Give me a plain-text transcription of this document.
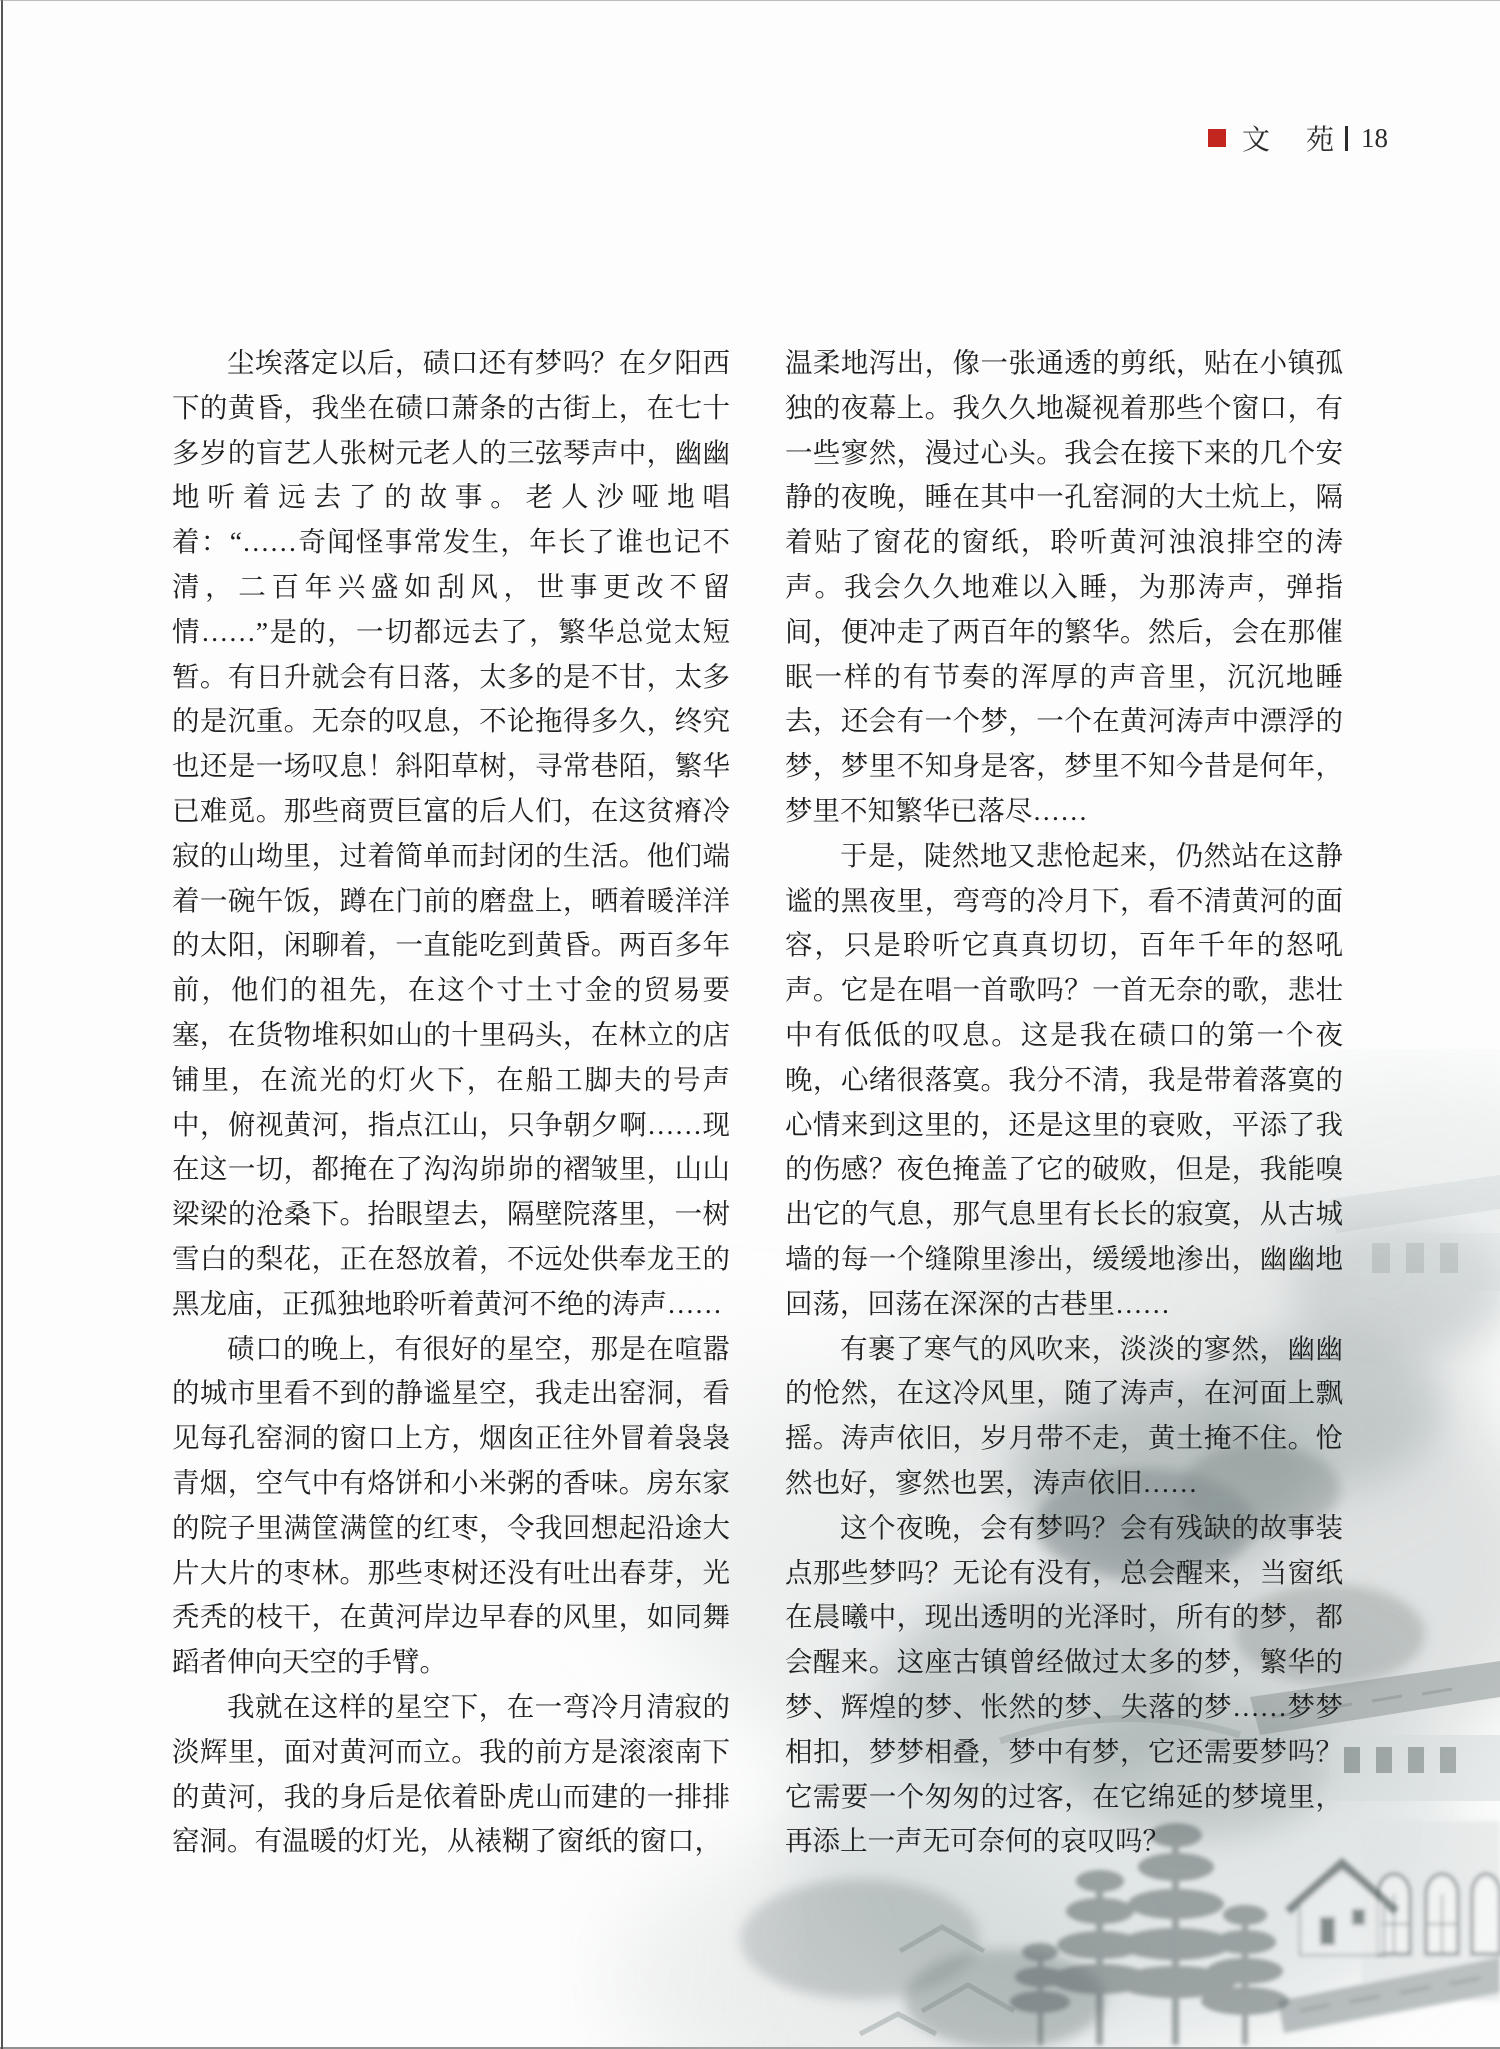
文　苑 18

尘埃落定以后，碛口还有梦吗？在夕阳西下的黄昏，我坐在碛口萧条的古街上，在七十多岁的盲艺人张树元老人的三弦琴声中，幽幽地听着远去了的故事。老人沙哑地唱着：“……奇闻怪事常发生，年长了谁也记不清，二百年兴盛如刮风，世事更改不留情……”是的，一切都远去了，繁华总觉太短暂。有日升就会有日落，太多的是不甘，太多的是沉重。无奈的叹息，不论拖得多久，终究也还是一场叹息！斜阳草树，寻常巷陌，繁华已难觅。那些商贾巨富的后人们，在这贫瘠冷寂的山坳里，过着简单而封闭的生活。他们端着一碗午饭，蹲在门前的磨盘上，晒着暖洋洋的太阳，闲聊着，一直能吃到黄昏。两百多年前，他们的祖先，在这个寸土寸金的贸易要塞，在货物堆积如山的十里码头，在林立的店铺里，在流光的灯火下，在船工脚夫的号声中，俯视黄河，指点江山，只争朝夕啊……现在这一切，都掩在了沟沟峁峁的褶皱里，山山梁梁的沧桑下。抬眼望去，隔壁院落里，一树雪白的梨花，正在怒放着，不远处供奉龙王的黑龙庙，正孤独地聆听着黄河不绝的涛声……

碛口的晚上，有很好的星空，那是在喧嚣的城市里看不到的静谧星空，我走出窑洞，看见每孔窑洞的窗口上方，烟囱正往外冒着袅袅青烟，空气中有烙饼和小米粥的香味。房东家的院子里满筐满筐的红枣，令我回想起沿途大片大片的枣林。那些枣树还没有吐出春芽，光秃秃的枝干，在黄河岸边早春的风里，如同舞蹈者伸向天空的手臂。

我就在这样的星空下，在一弯冷月清寂的淡辉里，面对黄河而立。我的前方是滚滚南下的黄河，我的身后是依着卧虎山而建的一排排窑洞。有温暖的灯光，从裱糊了窗纸的窗口，

温柔地泻出，像一张通透的剪纸，贴在小镇孤独的夜幕上。我久久地凝视着那些个窗口，有一些寥然，漫过心头。我会在接下来的几个安静的夜晚，睡在其中一孔窑洞的大土炕上，隔着贴了窗花的窗纸，聆听黄河浊浪排空的涛声。我会久久地难以入睡，为那涛声，弹指间，便冲走了两百年的繁华。然后，会在那催眠一样的有节奏的浑厚的声音里，沉沉地睡去，还会有一个梦，一个在黄河涛声中漂浮的梦，梦里不知身是客，梦里不知今昔是何年，梦里不知繁华已落尽……

于是，陡然地又悲怆起来，仍然站在这静谧的黑夜里，弯弯的冷月下，看不清黄河的面容，只是聆听它真真切切，百年千年的怒吼声。它是在唱一首歌吗？一首无奈的歌，悲壮中有低低的叹息。这是我在碛口的第一个夜晚，心绪很落寞。我分不清，我是带着落寞的心情来到这里的，还是这里的衰败，平添了我的伤感？夜色掩盖了它的破败，但是，我能嗅出它的气息，那气息里有长长的寂寞，从古城墙的每一个缝隙里渗出，缓缓地渗出，幽幽地回荡，回荡在深深的古巷里……

有裹了寒气的风吹来，淡淡的寥然，幽幽的怆然，在这冷风里，随了涛声，在河面上飘摇。涛声依旧，岁月带不走，黄土掩不住。怆然也好，寥然也罢，涛声依旧……

这个夜晚，会有梦吗？会有残缺的故事装点那些梦吗？无论有没有，总会醒来，当窗纸在晨曦中，现出透明的光泽时，所有的梦，都会醒来。这座古镇曾经做过太多的梦，繁华的梦、辉煌的梦、怅然的梦、失落的梦……梦梦相扣，梦梦相叠，梦中有梦，它还需要梦吗？它需要一个匆匆的过客，在它绵延的梦境里，再添上一声无可奈何的哀叹吗？
